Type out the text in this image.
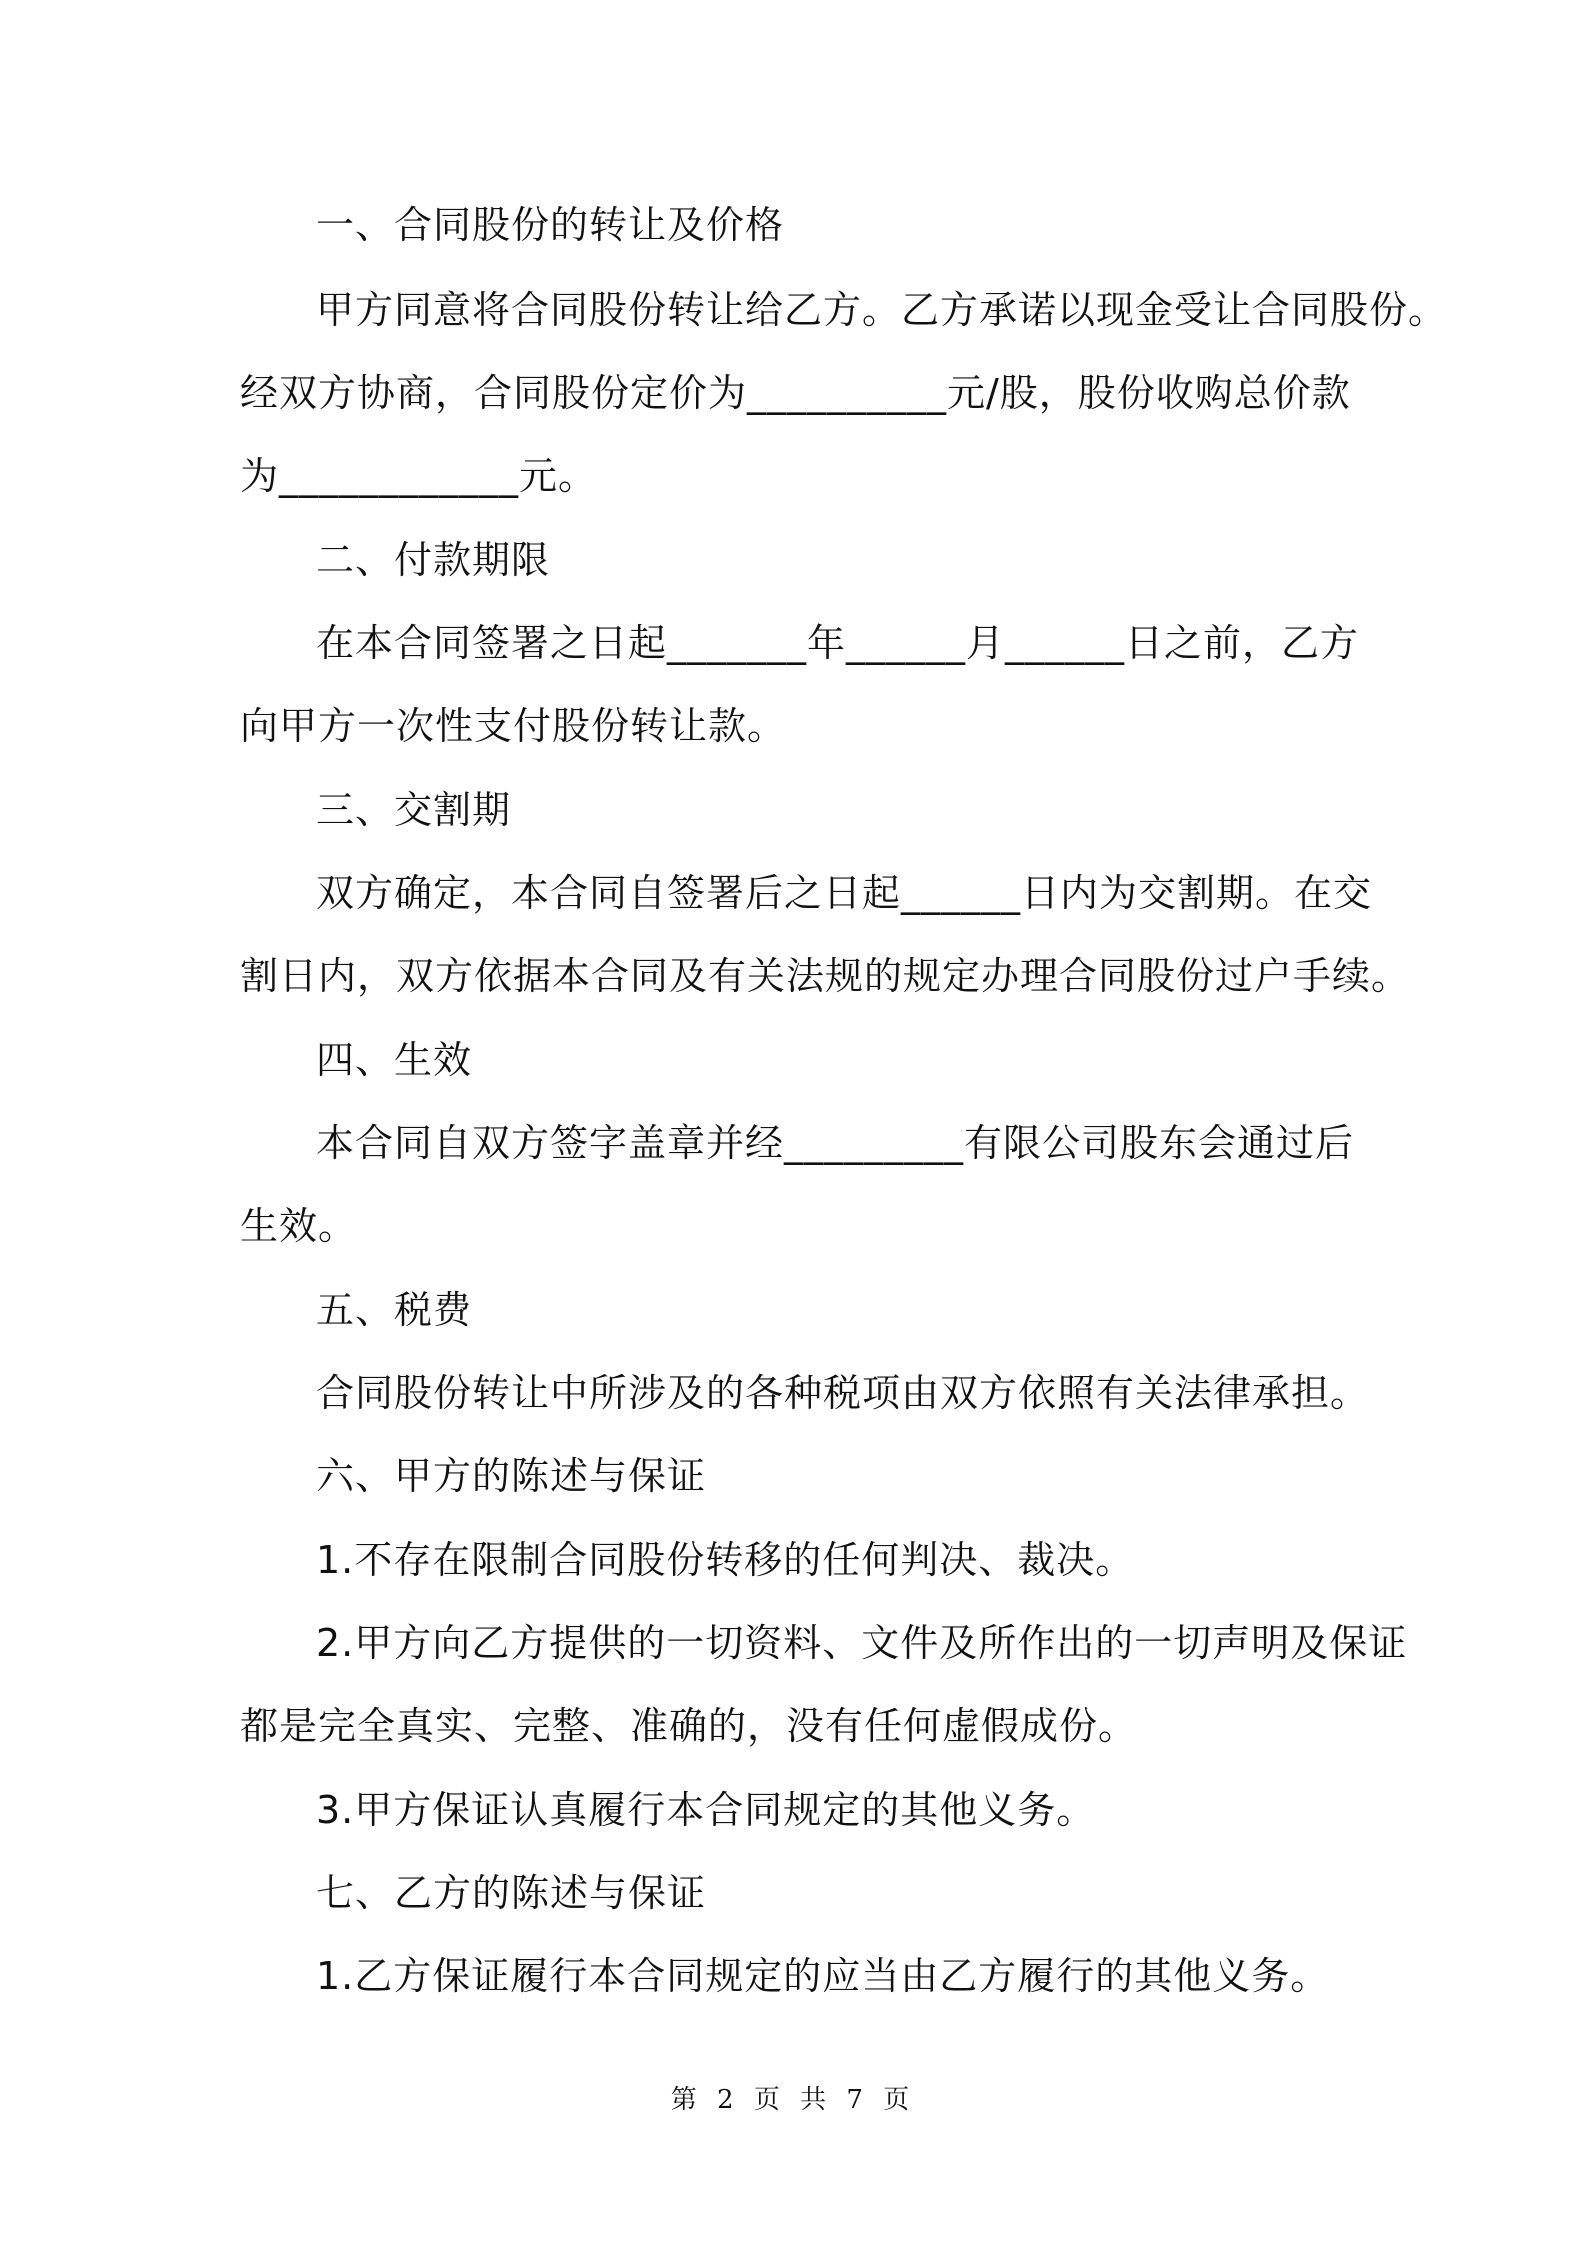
一、合同股份的转让及价格
甲方同意将合同股份转让给乙方。乙方承诺以现金受让合同股份。
经双方协商，合同股份定价为__________元/股，股份收购总价款
为____________元。
二、付款期限
在本合同签署之日起_______年______月______日之前，乙方
向甲方一次性支付股份转让款。
三、交割期
双方确定，本合同自签署后之日起______日内为交割期。在交
割日内，双方依据本合同及有关法规的规定办理合同股份过户手续。
四、生效
本合同自双方签字盖章并经_________有限公司股东会通过后
生效。
五、税费
合同股份转让中所涉及的各种税项由双方依照有关法律承担。
六、甲方的陈述与保证
1.不存在限制合同股份转移的任何判决、裁决。
2.甲方向乙方提供的一切资料、文件及所作出的一切声明及保证
都是完全真实、完整、准确的，没有任何虚假成份。
3.甲方保证认真履行本合同规定的其他义务。
七、乙方的陈述与保证
1.乙方保证履行本合同规定的应当由乙方履行的其他义务。
第 2 页 共 7 页
